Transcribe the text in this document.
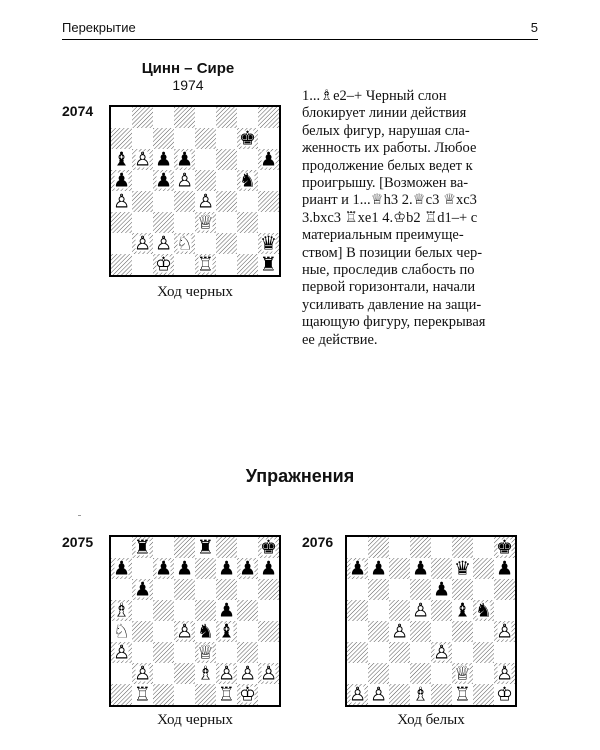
Перекрытие	5
Цинн – Сире
1974
2074
♚
♝ ♙ ♟ ♟	♟
♟ ♟ ♙ ♞
♙	♙
♕
♙ ♙ ♘	♛
♔ ♖ ♜
Ход черных

1...♗e2–+ Черный слон

блокирует линии действия

белых фигур, нарушая сла-

женность их работы. Любое

продолжение белых ведет к

проигрышу. [Возможен ва-

риант и 1...♕h3 2.♕c3 ♕xc3

3.bxc3 ♖xe1 4.♔b2 ♖d1–+ с

материальным преимуще-

ством] В позиции белых чер-

ные, проследив слабость по

первой горизонтали, начали

усиливать давление на защи-

щающую фигуру, перекрывая

ее действие.

Упражнения
2075 ♜ ♜ ♚
♟ ♟ ♟ ♟ ♟ ♟
♟
♗	♟
♘ ♙ ♞ ♝
♙	♕
♙ ♗ ♙ ♙ ♙
♖	♖ ♔
Ход черных
2076	♚
♟ ♟ ♟ ♛ ♟
♟
♙ ♝ ♞
♙	♙
♙
♕ ♙
♙ ♙ ♗ ♖ ♔
Ход белых
